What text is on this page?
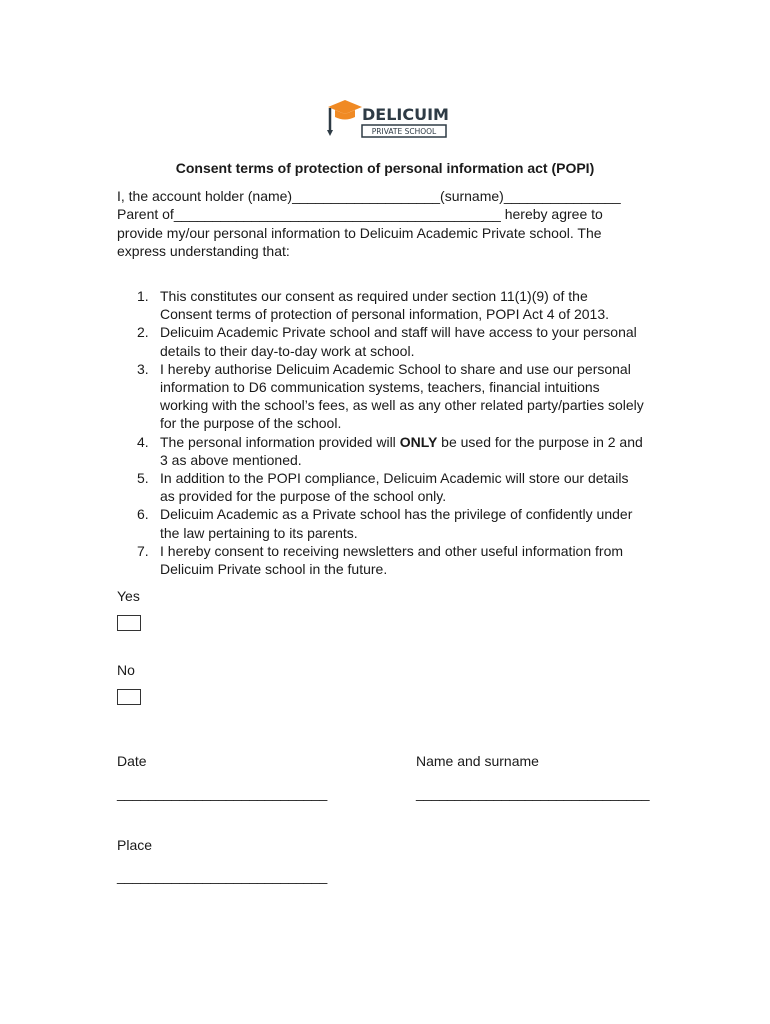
DELICUIM
PRIVATE SCHOOL
Consent terms of protection of personal information act (POPI)
I, the account holder (name)___________________(surname)_______________
Parent of__________________________________________ hereby agree to
provide my/our personal information to Delicuim Academic Private school. The
express understanding that:
1. This constitutes our consent as required under section 11(1)(9) of the
Consent terms of protection of personal information, POPI Act 4 of 2013.
2. Delicuim Academic Private school and staff will have access to your personal
details to their day-to-day work at school.
3. I hereby authorise Delicuim Academic School to share and use our personal
information to D6 communication systems, teachers, financial intuitions
working with the school’s fees, as well as any other related party/parties solely
for the purpose of the school.
4. The personal information provided will ONLY be used for the purpose in 2 and
3 as above mentioned.
5. In addition to the POPI compliance, Delicuim Academic will store our details
as provided for the purpose of the school only.
6. Delicuim Academic as a Private school has the privilege of confidently under
the law pertaining to its parents.
7. I hereby consent to receiving newsletters and other useful information from
Delicuim Private school in the future.
Yes
No
Date
___________________________
Name and surname
______________________________
Place
___________________________
